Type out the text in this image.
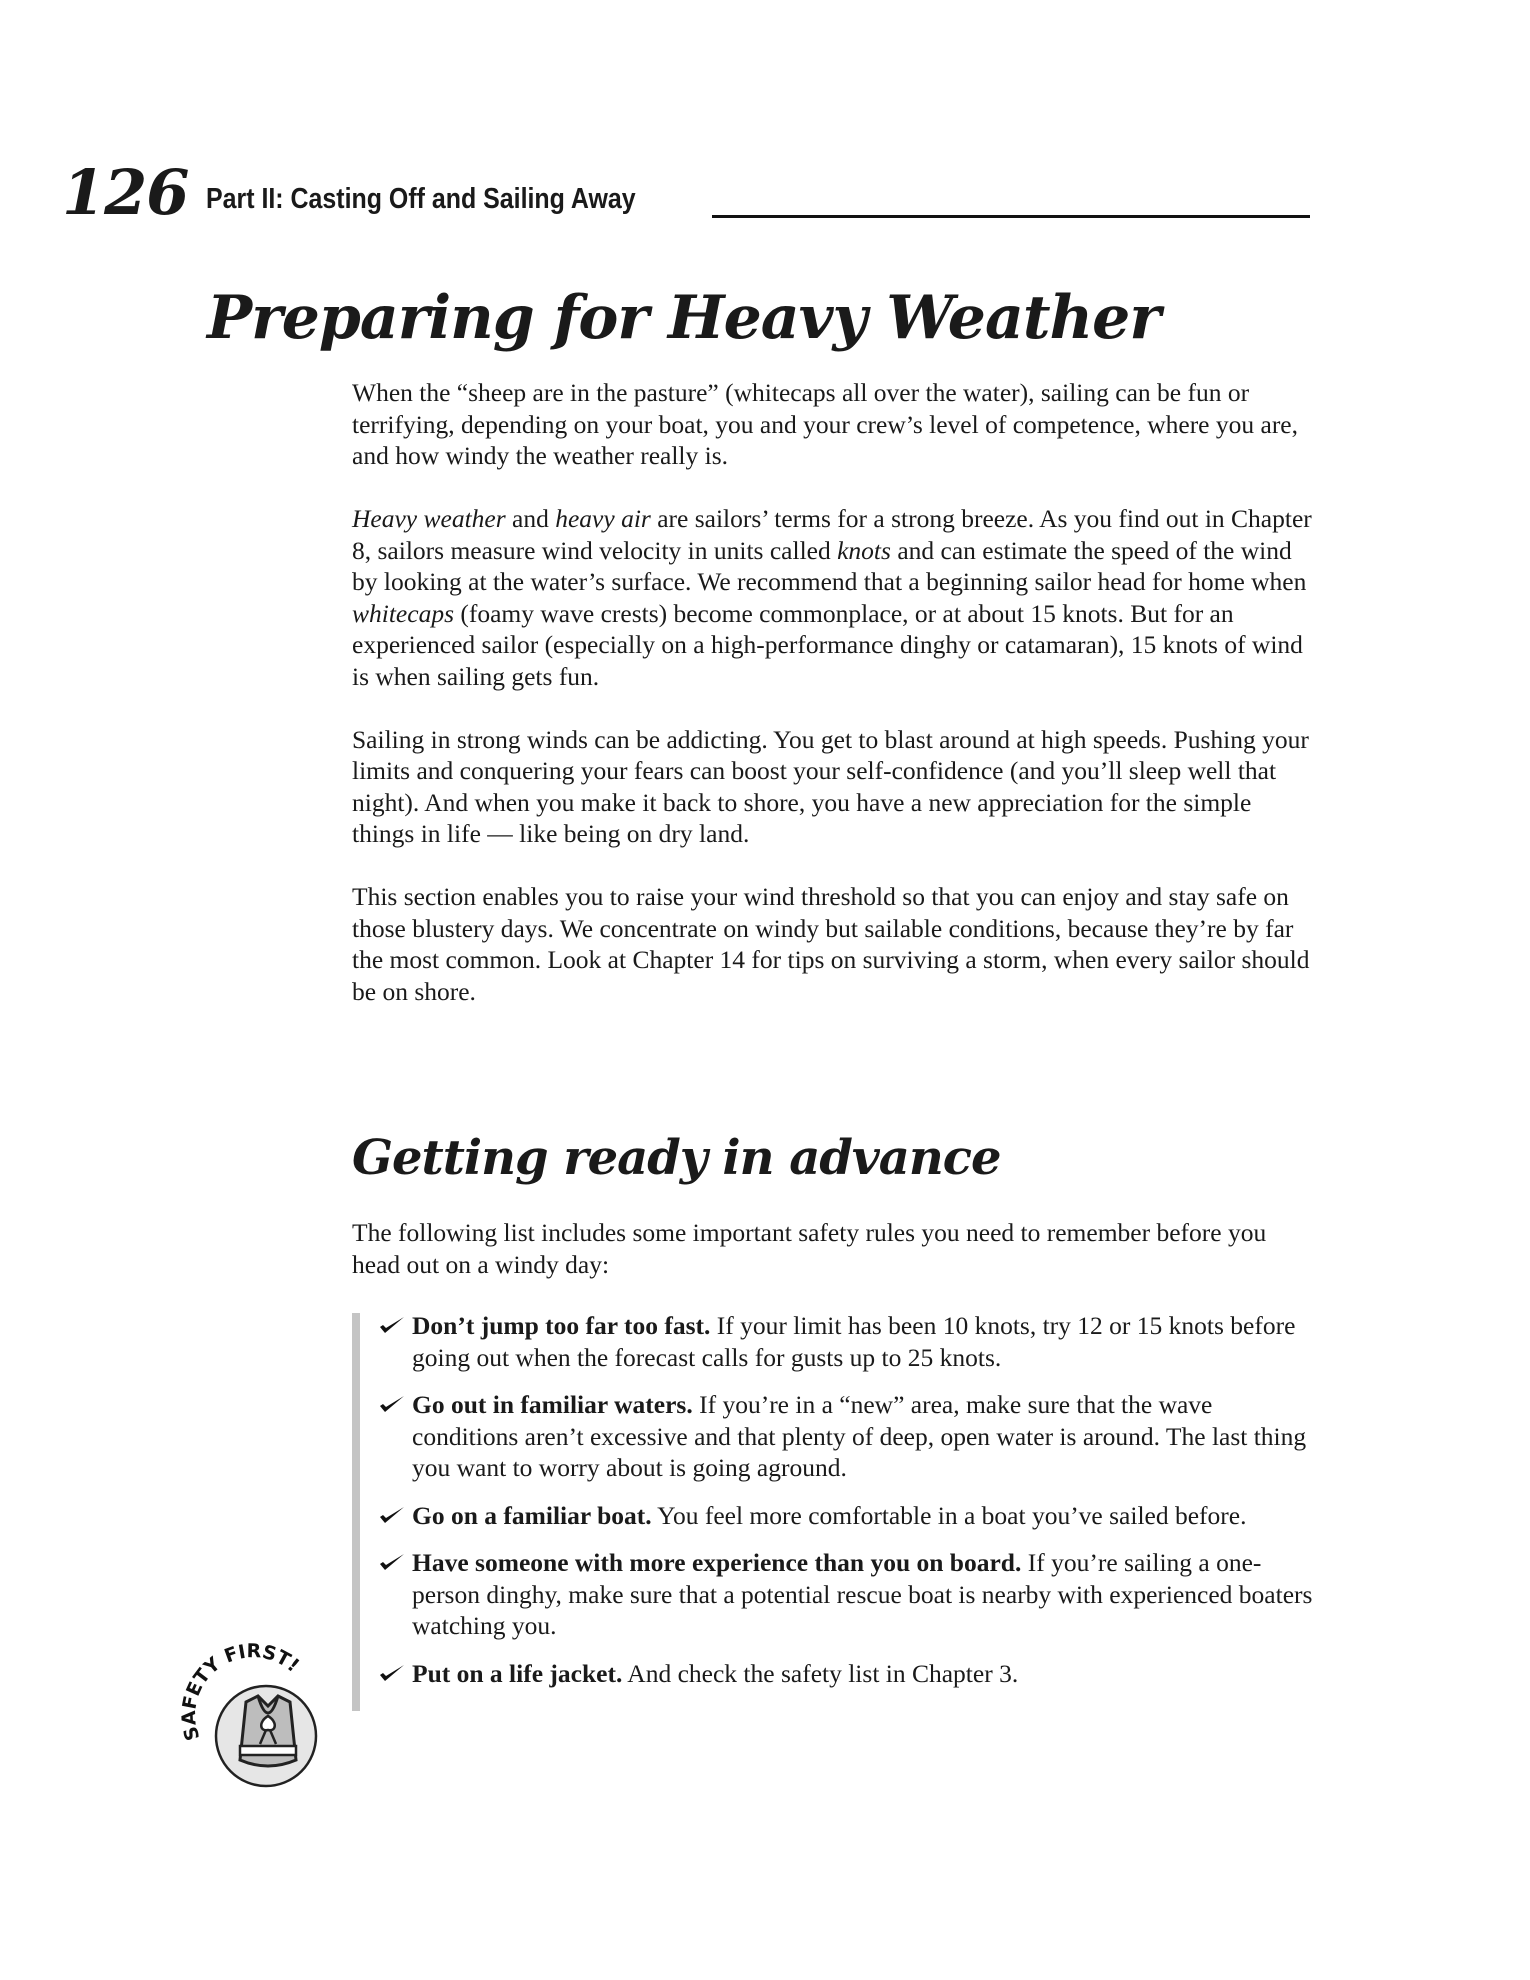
126 Part II: Casting Off and Sailing Away
Preparing for Heavy Weather

When the “sheep are in the pasture” (whitecaps all over the water), sailing can be fun or terrifying, depending on your boat, you and your crew’s level of competence, where you are, and how windy the weather really is.

Heavy weather and heavy air are sailors’ terms for a strong breeze. As you find out in Chapter 8, sailors measure wind velocity in units called knots and can estimate the speed of the wind by looking at the water’s surface. We recommend that a beginning sailor head for home when whitecaps (foamy wave crests) become commonplace, or at about 15 knots. But for an experienced sailor (especially on a high-performance dinghy or catamaran), 15 knots of wind is when sailing gets fun.

Sailing in strong winds can be addicting. You get to blast around at high speeds. Pushing your limits and conquering your fears can boost your self-confidence (and you’ll sleep well that night). And when you make it back to shore, you have a new appreciation for the simple things in life — like being on dry land.

This section enables you to raise your wind threshold so that you can enjoy and stay safe on those blustery days. We concentrate on windy but sailable conditions, because they’re by far the most common. Look at Chapter 14 for tips on surviving a storm, when every sailor should be on shore.

Getting ready in advance

The following list includes some important safety rules you need to remember before you head out on a windy day:

Don’t jump too far too fast. If your limit has been 10 knots, try 12 or 15 knots before going out when the forecast calls for gusts up to 25 knots.
Go out in familiar waters. If you’re in a “new” area, make sure that the wave conditions aren’t excessive and that plenty of deep, open water is around. The last thing you want to worry about is going aground.
Go on a familiar boat. You feel more comfortable in a boat you’ve sailed before.
Have someone with more experience than you on board. If you’re sailing a one-person dinghy, make sure that a potential rescue boat is nearby with experienced boaters watching you.
Put on a life jacket. And check the safety list in Chapter 3.
SAFETY FIRST!
